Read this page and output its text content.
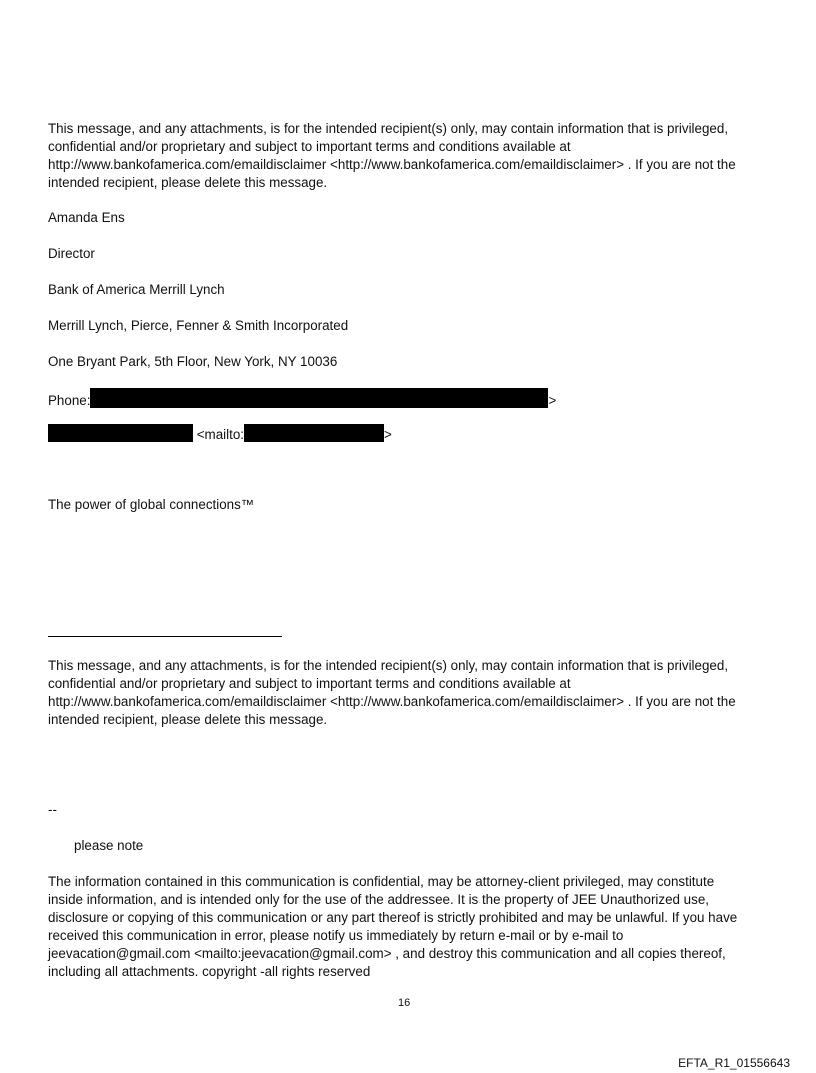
This message, and any attachments, is for the intended recipient(s) only, may contain information that is privileged,
confidential and/or proprietary and subject to important terms and conditions available at
http://www.bankofamerica.com/emaildisclaimer <http://www.bankofamerica.com/emaildisclaimer> . If you are not the
intended recipient, please delete this message.

Amanda Ens

Director

Bank of America Merrill Lynch

Merrill Lynch, Pierce, Fenner & Smith Incorporated

One Bryant Park, 5th Floor, New York, NY 10036

Phone:	>

<mailto:	>

The power of global connections™

This message, and any attachments, is for the intended recipient(s) only, may contain information that is privileged,
confidential and/or proprietary and subject to important terms and conditions available at
http://www.bankofamerica.com/emaildisclaimer <http://www.bankofamerica.com/emaildisclaimer> . If you are not the
intended recipient, please delete this message.

--

please note

The information contained in this communication is confidential, may be attorney-client privileged, may constitute
inside information, and is intended only for the use of the addressee. It is the property of JEE Unauthorized use,
disclosure or copying of this communication or any part thereof is strictly prohibited and may be unlawful. If you have
received this communication in error, please notify us immediately by return e-mail or by e-mail to
jeevacation@gmail.com <mailto:jeevacation@gmail.com> , and destroy this communication and all copies thereof,
including all attachments. copyright -all rights reserved

16
EFTA_R1_01556643
